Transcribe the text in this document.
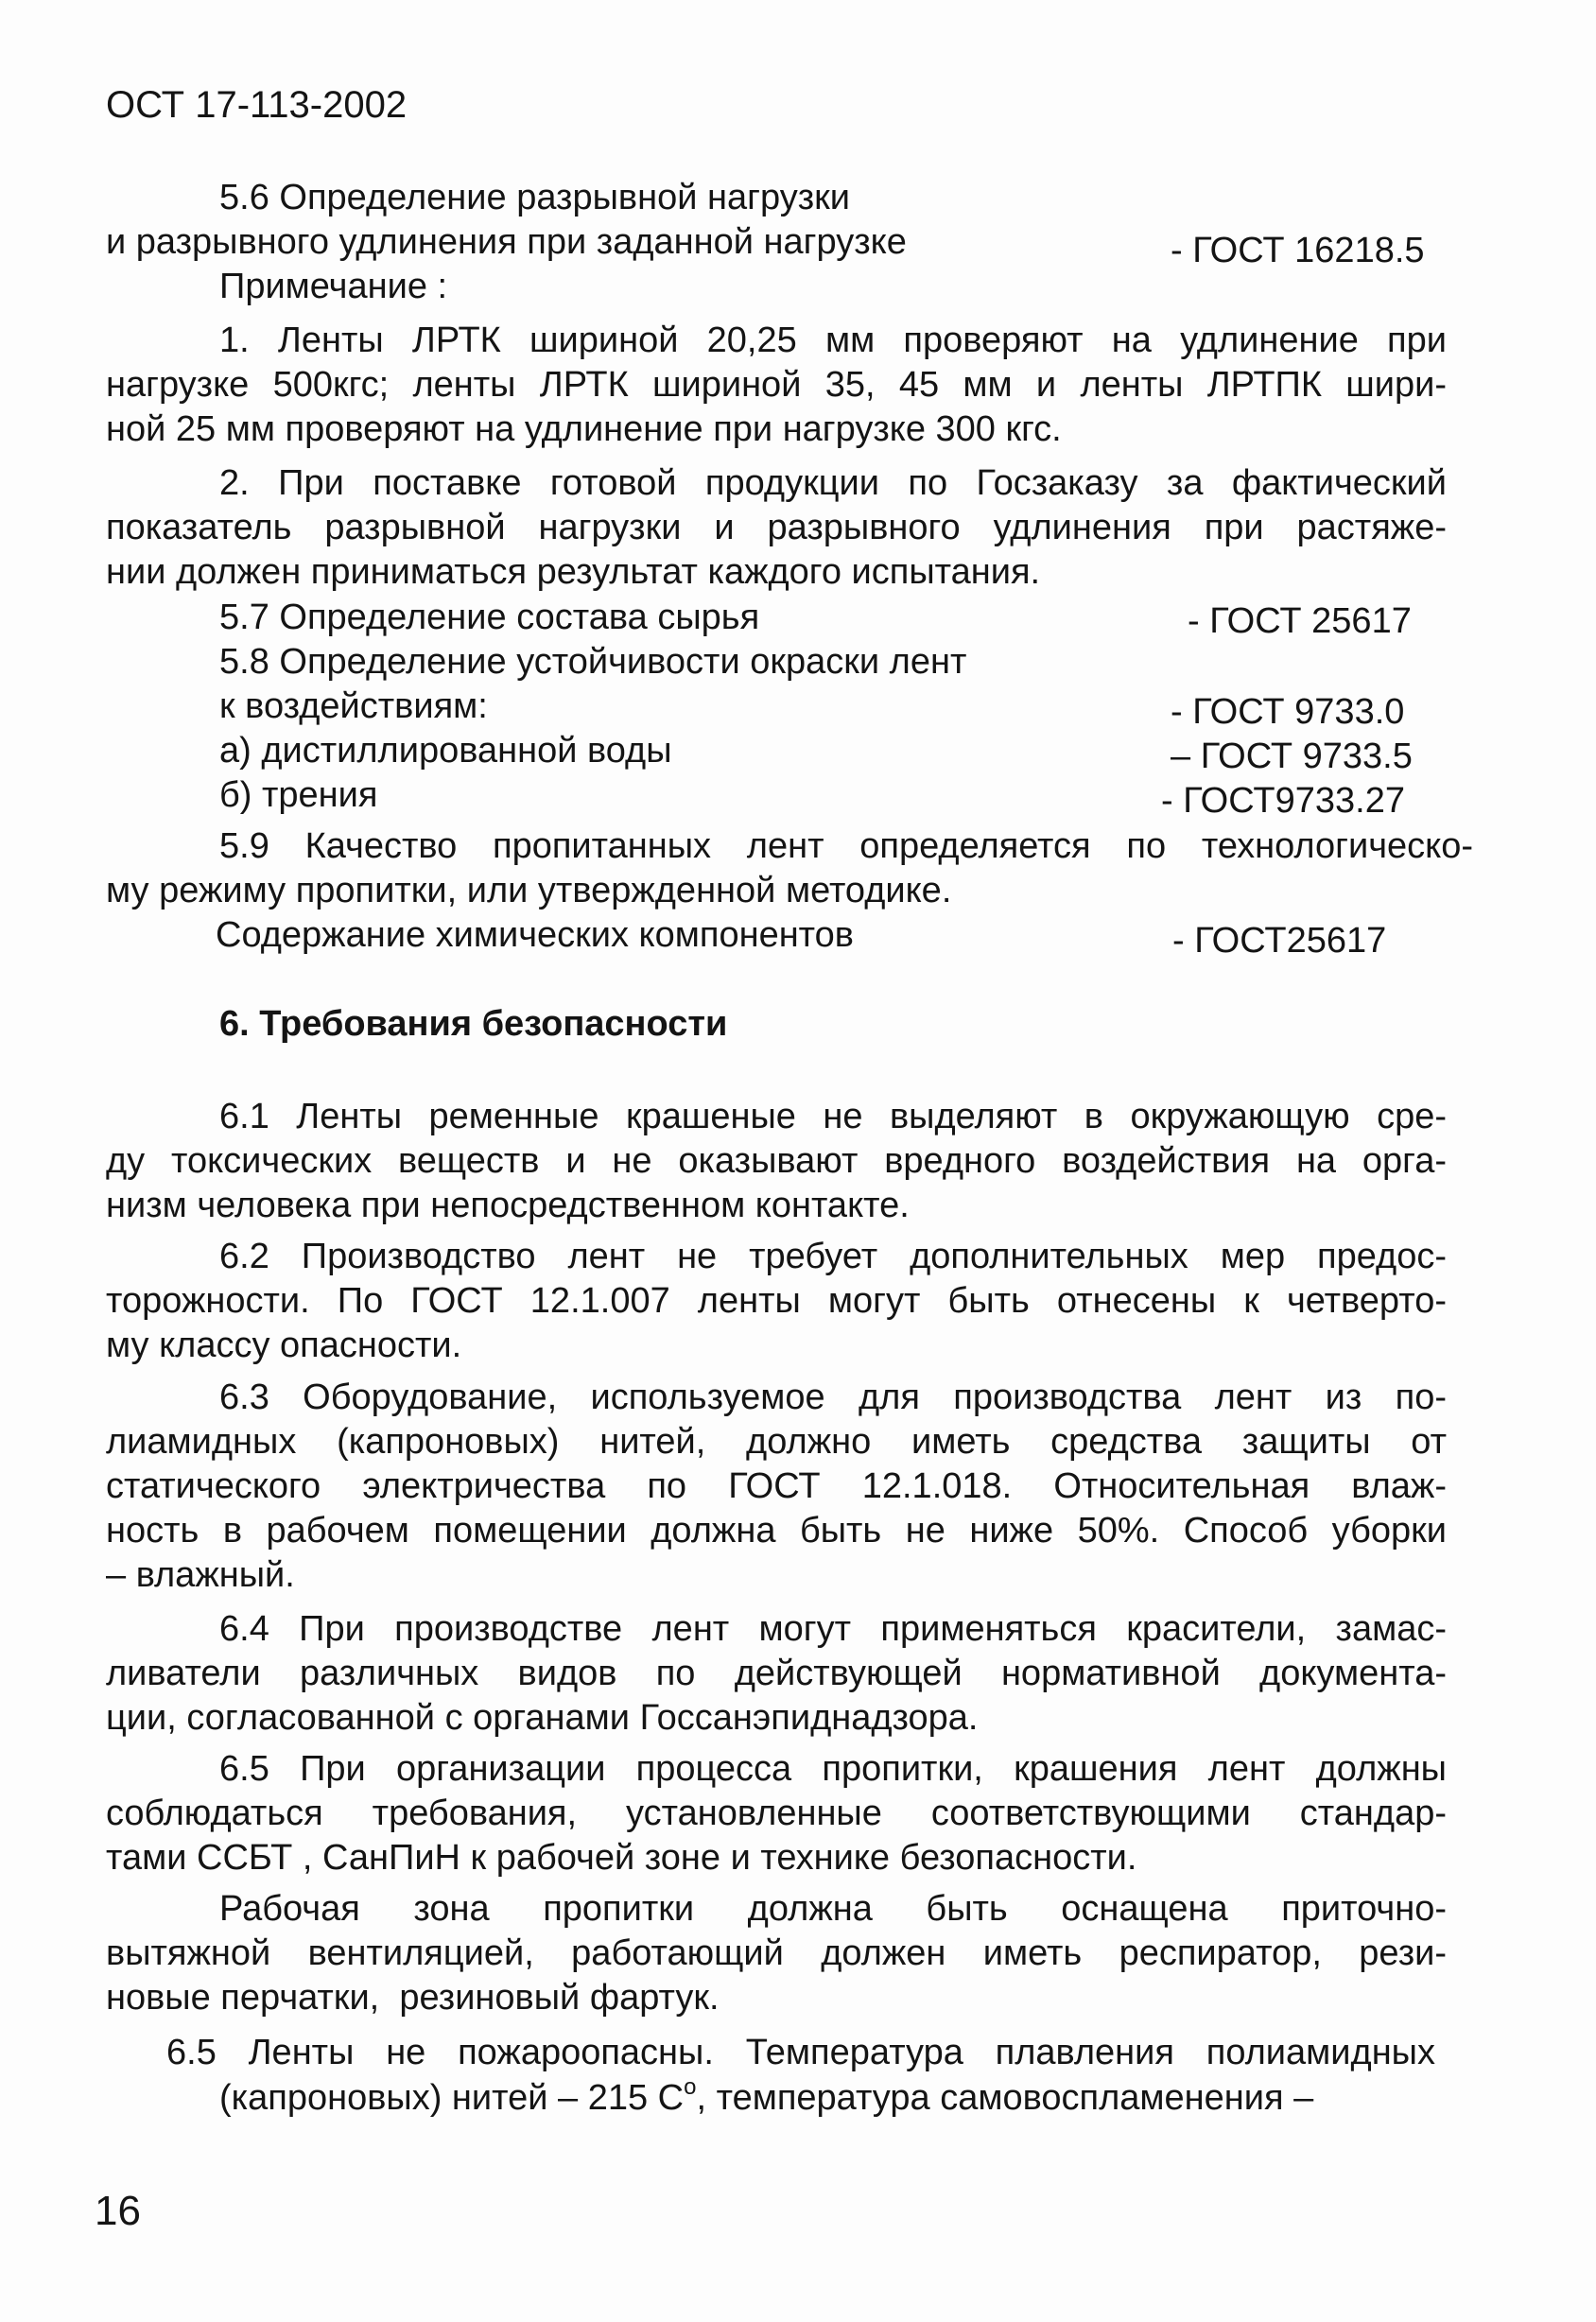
ОСТ 17-113-2002
5.6 Определение разрывной нагрузки
и разрывного удлинения при заданной нагрузке	- ГОСТ 16218.5
Примечание :
1. Ленты ЛРТК шириной 20,25 мм проверяют на удлинение при
нагрузке 500кгс; ленты ЛРТК шириной 35, 45 мм и ленты ЛРТПК шири-
ной 25 мм проверяют на удлинение при нагрузке 300 кгс.
2. При поставке готовой продукции по Госзаказу за фактический
показатель разрывной нагрузки и разрывного удлинения при растяже-
нии должен приниматься результат каждого испытания.
5.7 Определение состава сырья	- ГОСТ 25617
5.8 Определение устойчивости окраски лент
к воздействиям:	- ГОСТ 9733.0
а) дистиллированной воды	– ГОСТ 9733.5
б) трения	- ГОСТ9733.27
5.9 Качество пропитанных лент определяется по технологическо-
му режиму пропитки, или утвержденной методике.
Содержание химических компонентов	- ГОСТ25617
6. Требования безопасности
6.1 Ленты ременные крашеные не выделяют в окружающую сре-
ду токсических веществ и не оказывают вредного воздействия на орга-
низм человека при непосредственном контакте.
6.2 Производство лент не требует дополнительных мер предос-
торожности. По ГОСТ 12.1.007 ленты могут быть отнесены к четверто-
му классу опасности.
6.3 Оборудование, используемое для производства лент из по-
лиамидных (капроновых) нитей, должно иметь средства защиты от
статического электричества по ГОСТ 12.1.018. Относительная влаж-
ность в рабочем помещении должна быть не ниже 50%. Способ уборки
– влажный.
6.4 При производстве лент могут применяться красители, замас-
ливатели различных видов по действующей нормативной документа-
ции, согласованной с органами Госсанэпиднадзора.
6.5 При организации процесса пропитки, крашения лент должны
соблюдаться требования, установленные соответствующими стандар-
тами ССБТ , СанПиН к рабочей зоне и технике безопасности.
Рабочая зона пропитки должна быть оснащена приточно-
вытяжной вентиляцией, работающий должен иметь респиратор, рези-
новые перчатки,  резиновый фартук.
6.5 Ленты не пожароопасны. Температура плавления полиамидных
(капроновых) нитей – 215 $С^о$, температура самовоспламенения –
16
